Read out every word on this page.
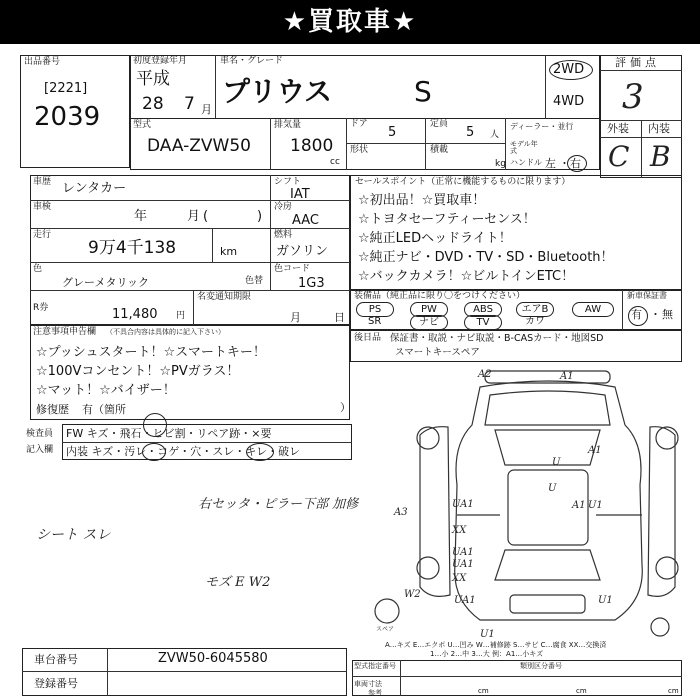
★買取車★
出品番号
[2221]
2039
初度登録年月
平成
28 7 月
車名・グレード
プリウス	S
2WD
4WD
評価点
3
外装 内装
C B
型式
DAA-ZVW50
排気量
1800
cc
ドア
5
定員
5 人
形状	積載
kg
ディーラー・並行
モデル年式
ハンドル 左 ・ 右
車歴 レンタカー
車検
年	月 (	)
走行
9万4千138	km
色
グレーメタリック	色替
シフト
IAT
冷房
AAC
燃料
ガソリン
色コード
1G3
R券	11,480 円
名変通知期限
月	日
セールスポイント（正常に機能するものに限ります）
☆初出品！☆買取車！
☆トヨタセーフティーセンス！
☆純正LEDヘッドライト！
☆純正ナビ・DVD・TV・SD・Bluetooth！
☆バックカメラ！☆ビルトインETC！
装備品（純正品に限り〇をつけください）
PS	PW	ABS	エアB	AW
SR	ナビ	TV	カワ
新車保証書
有 ・ 無
後日品 保証書・取説・ナビ取説・B-CASカード・地図SD
スマートキースペア
注意事項申告欄 （不具合内容は具体的に記入下さい）
☆プッシュスタート！☆スマートキー！
☆100Vコンセント！☆PVガラス！
☆マット！☆バイザー！
修復歴 有（箇所	）
検査員
記入欄
FW キズ・飛石・ヒビ割・リペア跡・×要
内装 キズ・汚レ・コゲ・穴・スレ・キレ・破レ
シート スレ
右セッタ・ピラー下部 加修
モズ E W2
A2	A1
A1
U
A1
U
UA1	U1
XX
XX
UA1
A3
UA1
W2
UA1
U1
U1
スペア
A…キズ E…エクボ U…凹み W…補修跡 S…サビ C…腐食 XX…交換済
1…小 2…中 3…大 例：A1…小キズ
車台番号	ZVW50-6045580
登録番号
型式指定番号	類別区分番号
車両寸法
参考	cm	cm	cm
